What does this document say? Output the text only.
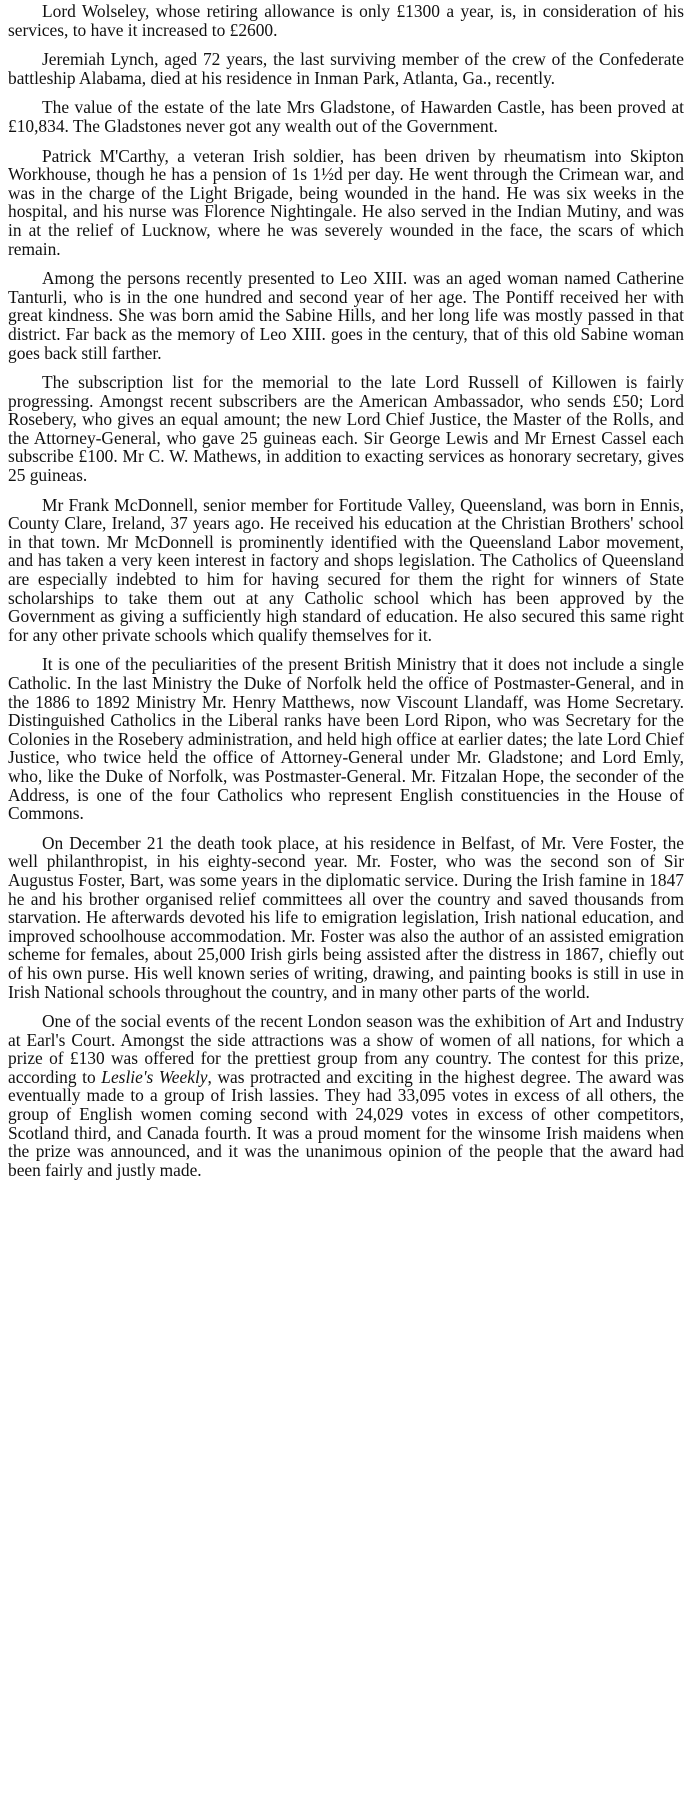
Lord Wolseley, whose retiring allowance is only £1300 a year, is, in consideration of his services, to have it increased to £2600.

Jeremiah Lynch, aged 72 years, the last surviving member of the crew of the Confederate battleship Alabama, died at his residence in Inman Park, Atlanta, Ga., recently.

The value of the estate of the late Mrs Gladstone, of Hawarden Castle, has been proved at £10,834. The Gladstones never got any wealth out of the Government.

Patrick M'Carthy, a veteran Irish soldier, has been driven by rheumatism into Skipton Workhouse, though he has a pension of 1s 1½d per day. He went through the Crimean war, and was in the charge of the Light Brigade, being wounded in the hand. He was six weeks in the hospital, and his nurse was Florence Nightingale. He also served in the Indian Mutiny, and was in at the relief of Lucknow, where he was severely wounded in the face, the scars of which remain.

Among the persons recently presented to Leo XIII. was an aged woman named Catherine Tanturli, who is in the one hundred and second year of her age. The Pontiff received her with great kindness. She was born amid the Sabine Hills, and her long life was mostly passed in that district. Far back as the memory of Leo XIII. goes in the century, that of this old Sabine woman goes back still farther.

The subscription list for the memorial to the late Lord Russell of Killowen is fairly progressing. Amongst recent subscribers are the American Ambassador, who sends £50; Lord Rosebery, who gives an equal amount; the new Lord Chief Justice, the Master of the Rolls, and the Attorney-General, who gave 25 guineas each. Sir George Lewis and Mr Ernest Cassel each subscribe £100. Mr C. W. Mathews, in addition to exacting services as honorary secretary, gives 25 guineas.

Mr Frank McDonnell, senior member for Fortitude Valley, Queensland, was born in Ennis, County Clare, Ireland, 37 years ago. He received his education at the Christian Brothers' school in that town. Mr McDonnell is prominently identified with the Queensland Labor movement, and has taken a very keen interest in factory and shops legislation. The Catholics of Queensland are especially indebted to him for having secured for them the right for winners of State scholarships to take them out at any Catholic school which has been approved by the Government as giving a sufficiently high standard of education. He also secured this same right for any other private schools which qualify themselves for it.

It is one of the peculiarities of the present British Ministry that it does not include a single Catholic. In the last Ministry the Duke of Norfolk held the office of Postmaster-General, and in the 1886 to 1892 Ministry Mr. Henry Matthews, now Viscount Llandaff, was Home Secretary. Distinguished Catholics in the Liberal ranks have been Lord Ripon, who was Secretary for the Colonies in the Rosebery administration, and held high office at earlier dates; the late Lord Chief Justice, who twice held the office of Attorney-General under Mr. Gladstone; and Lord Emly, who, like the Duke of Norfolk, was Postmaster-General. Mr. Fitzalan Hope, the seconder of the Address, is one of the four Catholics who represent English constituencies in the House of Commons.

On December 21 the death took place, at his residence in Belfast, of Mr. Vere Foster, the well philanthropist, in his eighty-second year. Mr. Foster, who was the second son of Sir Augustus Foster, Bart, was some years in the diplomatic service. During the Irish famine in 1847 he and his brother organised relief committees all over the country and saved thousands from starvation. He afterwards devoted his life to emigration legislation, Irish national education, and improved schoolhouse accommodation. Mr. Foster was also the author of an assisted emigration scheme for females, about 25,000 Irish girls being assisted after the distress in 1867, chiefly out of his own purse. His well known series of writing, drawing, and painting books is still in use in Irish National schools throughout the country, and in many other parts of the world.

One of the social events of the recent London season was the exhibition of Art and Industry at Earl's Court. Amongst the side attractions was a show of women of all nations, for which a prize of £130 was offered for the prettiest group from any country. The contest for this prize, according to Leslie's Weekly, was protracted and exciting in the highest degree. The award was eventually made to a group of Irish lassies. They had 33,095 votes in excess of all others, the group of English women coming second with 24,029 votes in excess of other competitors, Scotland third, and Canada fourth. It was a proud moment for the winsome Irish maidens when the prize was announced, and it was the unanimous opinion of the people that the award had been fairly and justly made.
